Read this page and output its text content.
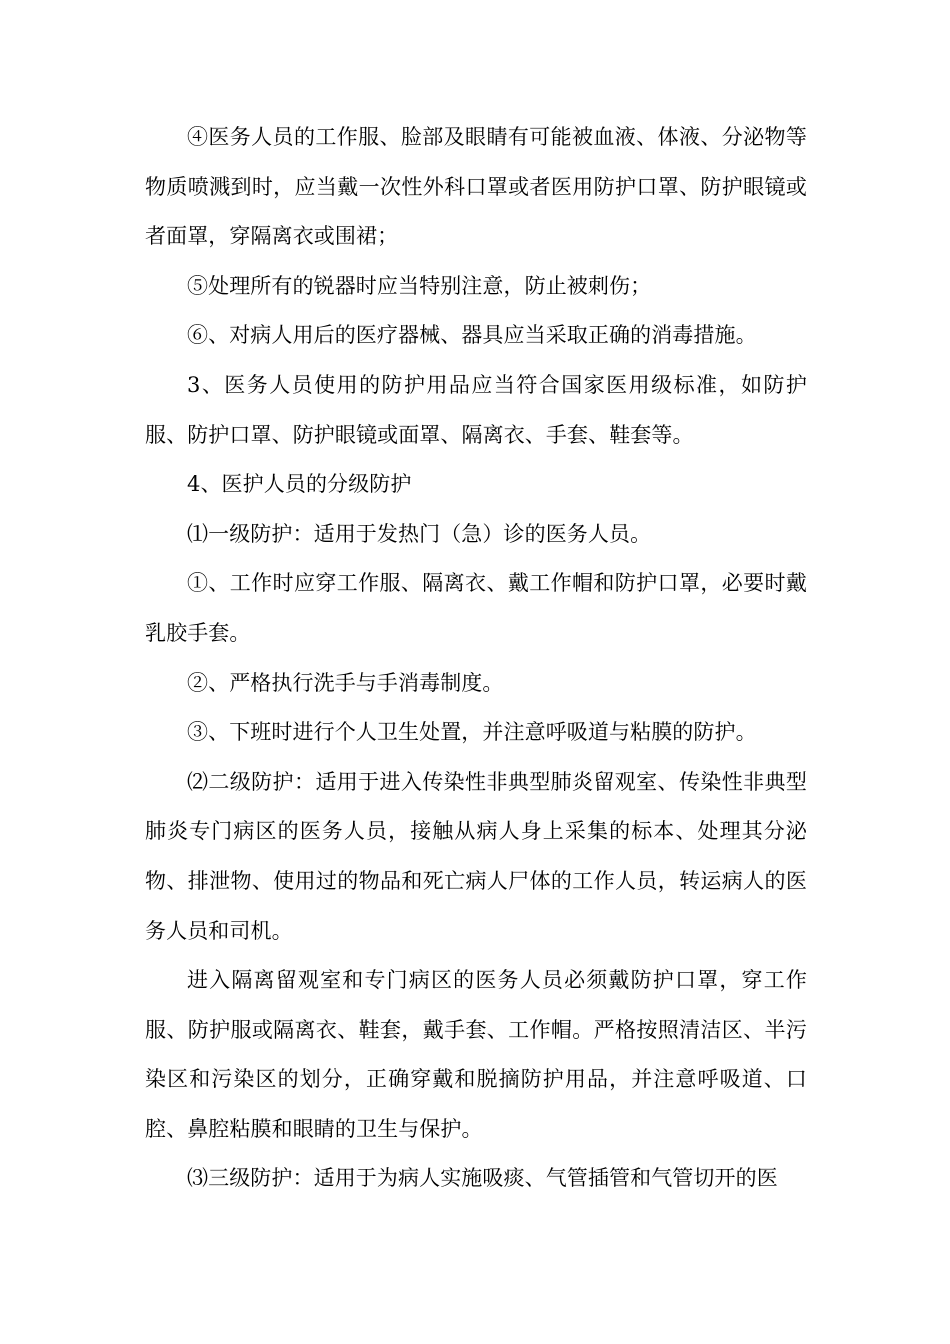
④医务人员的工作服、脸部及眼睛有可能被血液、体液、分泌物等物质喷溅到时，应当戴一次性外科口罩或者医用防护口罩、防护眼镜或者面罩，穿隔离衣或围裙；

⑤处理所有的锐器时应当特别注意，防止被刺伤；

⑥、对病人用后的医疗器械、器具应当采取正确的消毒措施。

3、医务人员使用的防护用品应当符合国家医用级标准，如防护服、防护口罩、防护眼镜或面罩、隔离衣、手套、鞋套等。

4、医护人员的分级防护

⑴一级防护：适用于发热门（急）诊的医务人员。

①、工作时应穿工作服、隔离衣、戴工作帽和防护口罩，必要时戴乳胶手套。

②、严格执行洗手与手消毒制度。

③、下班时进行个人卫生处置，并注意呼吸道与粘膜的防护。

⑵二级防护：适用于进入传染性非典型肺炎留观室、传染性非典型肺炎专门病区的医务人员，接触从病人身上采集的标本、处理其分泌物、排泄物、使用过的物品和死亡病人尸体的工作人员，转运病人的医务人员和司机。

进入隔离留观室和专门病区的医务人员必须戴防护口罩，穿工作服、防护服或隔离衣、鞋套，戴手套、工作帽。严格按照清洁区、半污染区和污染区的划分，正确穿戴和脱摘防护用品，并注意呼吸道、口腔、鼻腔粘膜和眼睛的卫生与保护。

⑶三级防护：适用于为病人实施吸痰、气管插管和气管切开的医
